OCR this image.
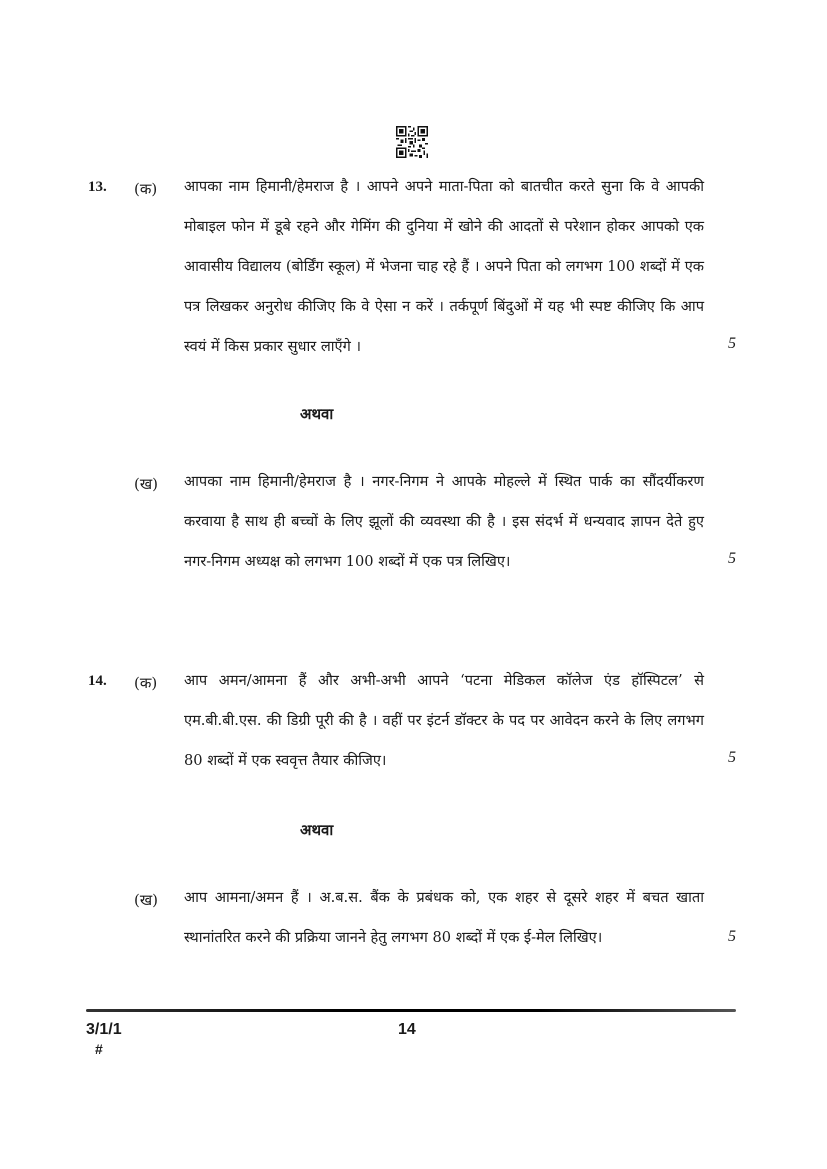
13. (क) आपका नाम हिमानी/हेमराज है । आपने अपने माता-पिता को बातचीत करते सुना कि वे आपकी मोबाइल फोन में डूबे रहने और गेमिंग की दुनिया में खोने की आदतों से परेशान होकर आपको एक आवासीय विद्यालय (बोर्डिंग स्कूल) में भेजना चाह रहे हैं । अपने पिता को लगभग 100 शब्दों में एक पत्र लिखकर अनुरोध कीजिए कि वे ऐसा न करें । तर्कपूर्ण बिंदुओं में यह भी स्पष्ट कीजिए कि आप स्वयं में किस प्रकार सुधार लाएँगे ।	5
अथवा
(ख) आपका नाम हिमानी/हेमराज है । नगर-निगम ने आपके मोहल्ले में स्थित पार्क का सौंदर्यीकरण करवाया है साथ ही बच्चों के लिए झूलों की व्यवस्था की है । इस संदर्भ में धन्यवाद ज्ञापन देते हुए नगर-निगम अध्यक्ष को लगभग 100 शब्दों में एक पत्र लिखिए।	5
14. (क) आप अमन/आमना हैं और अभी-अभी आपने ‘पटना मेडिकल कॉलेज एंड हॉस्पिटल’ से एम.बी.बी.एस. की डिग्री पूरी की है । वहीं पर इंटर्न डॉक्टर के पद पर आवेदन करने के लिए लगभग 80 शब्दों में एक स्ववृत्त तैयार कीजिए।	5
अथवा
(ख) आप आमना/अमन हैं । अ.ब.स. बैंक के प्रबंधक को, एक शहर से दूसरे शहर में बचत खाता स्थानांतरित करने की प्रक्रिया जानने हेतु लगभग 80 शब्दों में एक ई-मेल लिखिए।	5
3/1/1
#
14
